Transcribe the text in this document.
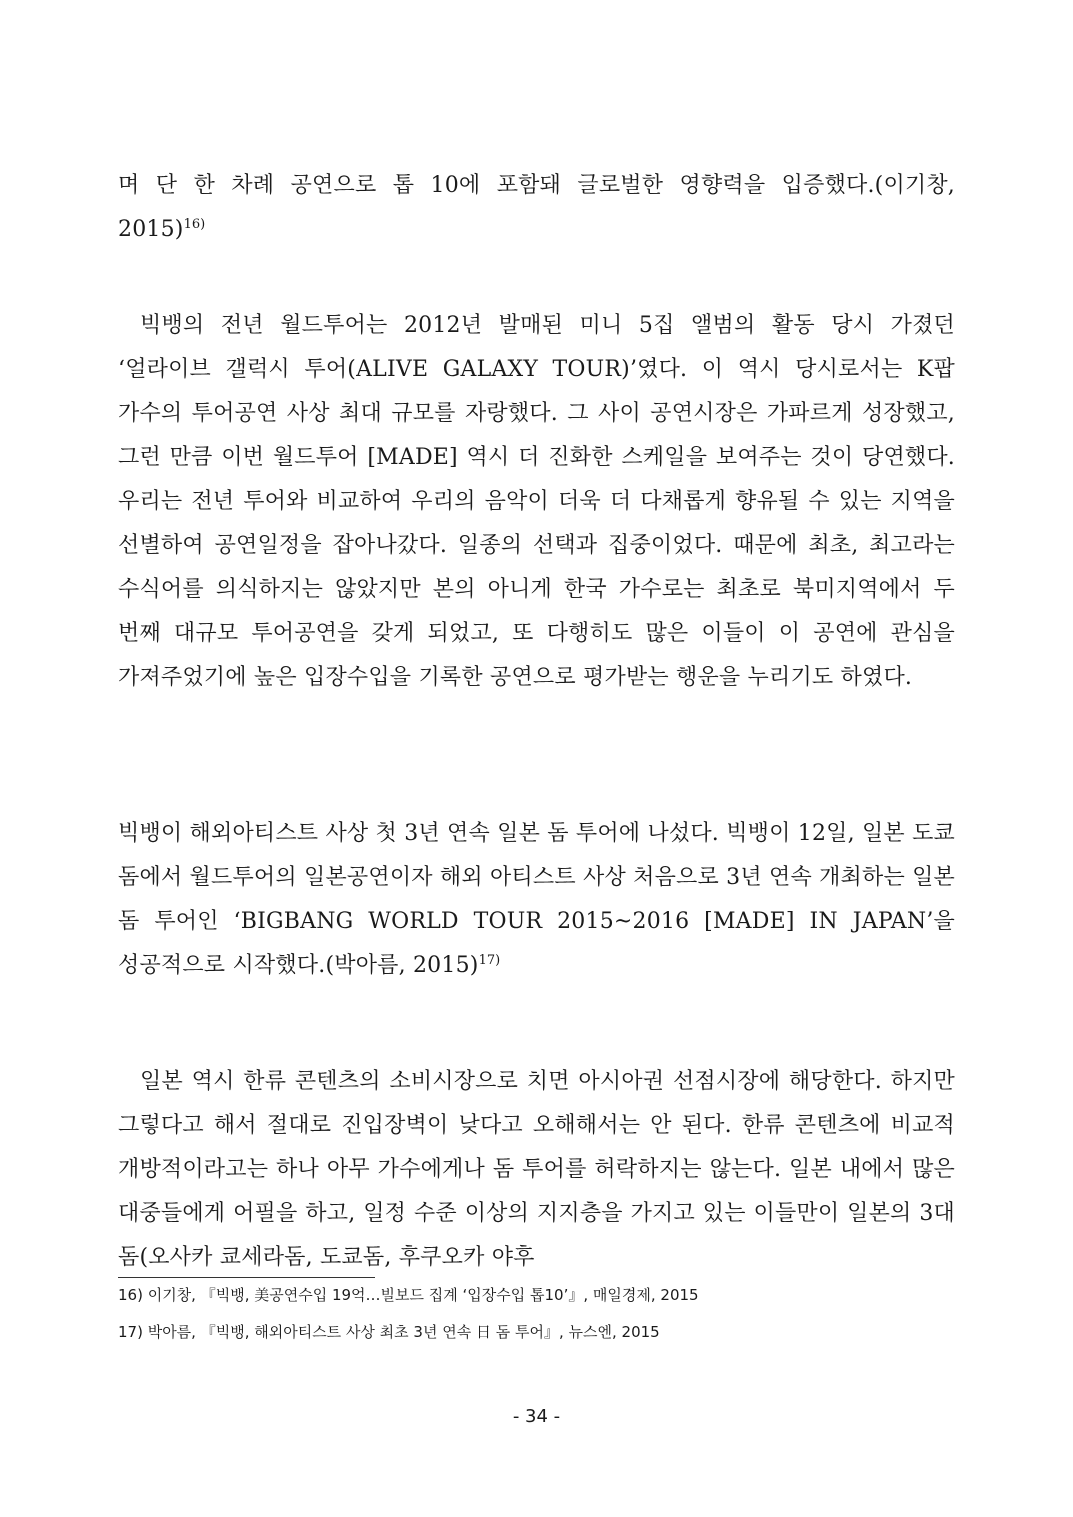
며 단 한 차례 공연으로 톱 10에 포함돼 글로벌한 영향력을 입증했다.(이기창, 2015)$^{16)}$

빅뱅의 전년 월드투어는 2012년 발매된 미니 5집 앨범의 활동 당시 가졌던 ‘얼라이브 갤럭시 투어(ALIVE GALAXY TOUR)’였다. 이 역시 당시로서는 K팝 가수의 투어공연 사상 최대 규모를 자랑했다. 그 사이 공연시장은 가파르게 성장했고, 그런 만큼 이번 월드투어 [MADE] 역시 더 진화한 스케일을 보여주는 것이 당연했다. 우리는 전년 투어와 비교하여 우리의 음악이 더욱 더 다채롭게 향유될 수 있는 지역을 선별하여 공연일정을 잡아나갔다. 일종의 선택과 집중이었다. 때문에 최초, 최고라는 수식어를 의식하지는 않았지만 본의 아니게 한국 가수로는 최초로 북미지역에서 두 번째 대규모 투어공연을 갖게 되었고, 또 다행히도 많은 이들이 이 공연에 관심을 가져주었기에 높은 입장수입을 기록한 공연으로 평가받는 행운을 누리기도 하였다.

빅뱅이 해외아티스트 사상 첫 3년 연속 일본 돔 투어에 나섰다. 빅뱅이 12일, 일본 도쿄 돔에서 월드투어의 일본공연이자 해외 아티스트 사상 처음으로 3년 연속 개최하는 일본 돔 투어인 ‘BIGBANG WORLD TOUR 2015~2016 [MADE] IN JAPAN’을 성공적으로 시작했다.(박아름, 2015)$^{17)}$

일본 역시 한류 콘텐츠의 소비시장으로 치면 아시아권 선점시장에 해당한다. 하지만 그렇다고 해서 절대로 진입장벽이 낮다고 오해해서는 안 된다. 한류 콘텐츠에 비교적 개방적이라고는 하나 아무 가수에게나 돔 투어를 허락하지는 않는다. 일본 내에서 많은 대중들에게 어필을 하고, 일정 수준 이상의 지지층을 가지고 있는 이들만이 일본의 3대 돔(오사카 쿄세라돔, 도쿄돔, 후쿠오카 야후

16) 이기창, 『빅뱅, 美공연수입 19억…빌보드 집계 ‘입장수입 톱10’』, 매일경제, 2015
17) 박아름, 『빅뱅, 해외아티스트 사상 최초 3년 연속 日 돔 투어』, 뉴스엔, 2015
- 34 -
